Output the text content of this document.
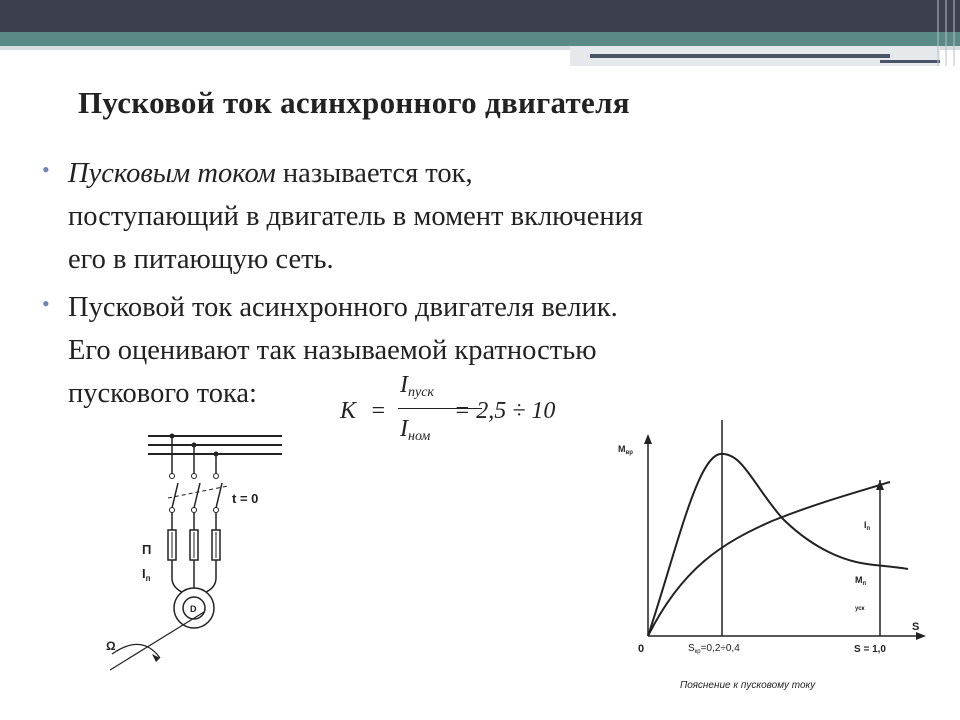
Пусковой ток асинхронного двигателя
• Пусковым током называется ток,
поступающий в двигатель в момент включения
его в питающую сеть.
• Пусковой ток асинхронного двигателя велик.
Его оценивают так называемой кратностью
пускового тока:
K =
$I_{пуск}$
$I_{ном}$
= 2,5 ÷ 10
t = 0
П
$I_п$
D
Ω
$M_{вр}$
S
0	$S_{кр}=0,2\div 0,4$	S = 1,0
$I_п$
$M_п$
уск
Пояснение к пусковому току
